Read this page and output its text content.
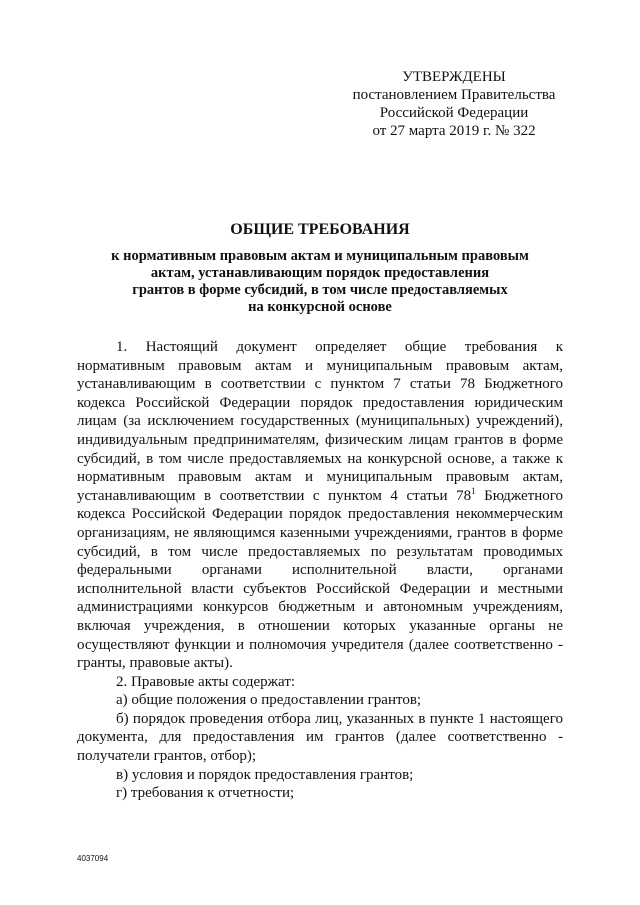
УТВЕРЖДЕНЫ
постановлением Правительства
Российской Федерации
от 27 марта 2019 г. № 322
ОБЩИЕ ТРЕБОВАНИЯ
к нормативным правовым актам и муниципальным правовым
актам, устанавливающим порядок предоставления
грантов в форме субсидий, в том числе предоставляемых
на конкурсной основе

1. Настоящий документ определяет общие требования к нормативным правовым актам и муниципальным правовым актам, устанавливающим в соответствии с пунктом 7 статьи 78 Бюджетного кодекса Российской Федерации порядок предоставления юридическим лицам (за исключением государственных (муниципальных) учреждений), индивидуальным предпринимателям, физическим лицам грантов в форме субсидий, в том числе предоставляемых на конкурсной основе, а также к нормативным правовым актам и муниципальным правовым актам, устанавливающим в соответствии с пунктом 4 статьи $78^1$ Бюджетного кодекса Российской Федерации порядок предоставления некоммерческим организациям, не являющимся казенными учреждениями, грантов в форме субсидий, в том числе предоставляемых по результатам проводимых федеральными органами исполнительной власти, органами исполнительной власти субъектов Российской Федерации и местными администрациями конкурсов бюджетным и автономным учреждениям, включая учреждения, в отношении которых указанные органы не осуществляют функции и полномочия учредителя (далее соответственно - гранты, правовые акты).

2. Правовые акты содержат:

а) общие положения о предоставлении грантов;

б) порядок проведения отбора лиц, указанных в пункте 1 настоящего документа, для предоставления им грантов (далее соответственно - получатели грантов, отбор);

в) условия и порядок предоставления грантов;

г) требования к отчетности;

4037094
